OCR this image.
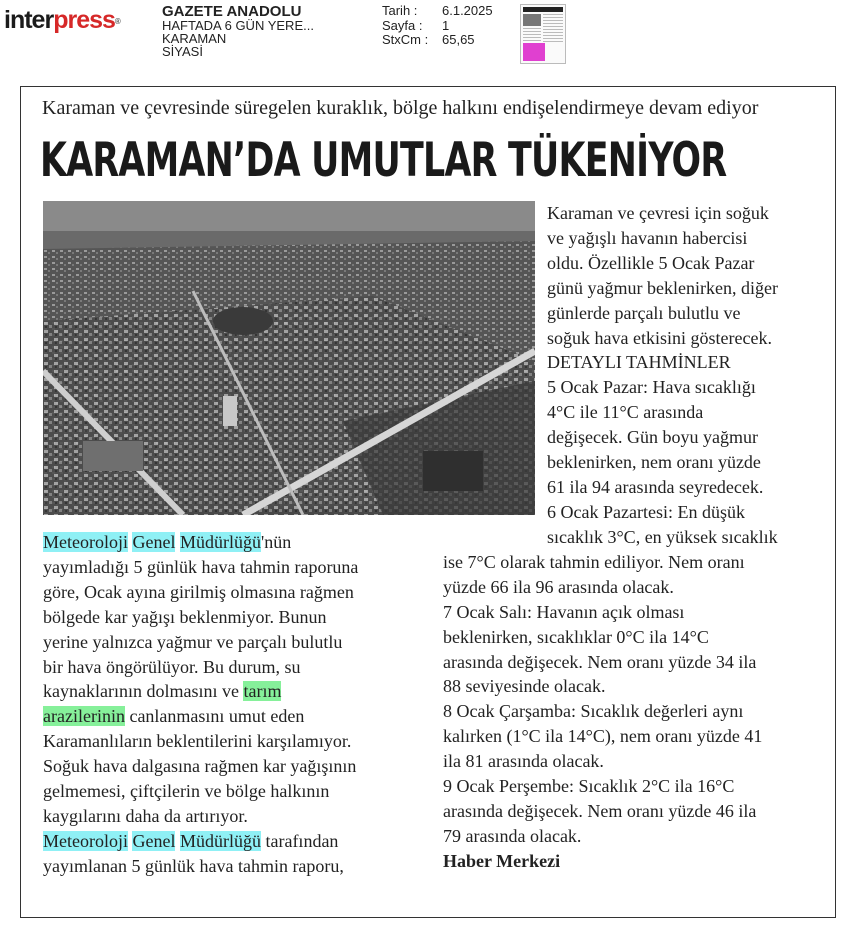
interpress®
GAZETE ANADOLU
HAFTADA 6 GÜN YERE...
KARAMAN
SİYASİ
Tarih :	6.1.2025
Sayfa :	1
StxCm :	65,65
Karaman ve çevresinde süregelen kuraklık, bölge halkını endişelendirmeye devam ediyor
KARAMAN’DA UMUTLAR TÜKENİYOR

Karaman ve çevresi için soğuk

ve yağışlı havanın habercisi

oldu. Özellikle 5 Ocak Pazar

günü yağmur beklenirken, diğer

günlerde parçalı bulutlu ve

soğuk hava etkisini gösterecek.

DETAYLI TAHMİNLER

5 Ocak Pazar: Hava sıcaklığı

4°C ile 11°C arasında

değişecek. Gün boyu yağmur

beklenirken, nem oranı yüzde

61 ila 94 arasında seyredecek.

6 Ocak Pazartesi: En düşük

sıcaklık 3°C, en yüksek sıcaklık

ise 7°C olarak tahmin ediliyor. Nem oranı

yüzde 66 ila 96 arasında olacak.

7 Ocak Salı: Havanın açık olması

beklenirken, sıcaklıklar 0°C ila 14°C

arasında değişecek. Nem oranı yüzde 34 ila

88 seviyesinde olacak.

8 Ocak Çarşamba: Sıcaklık değerleri aynı

kalırken (1°C ila 14°C), nem oranı yüzde 41

ila 81 arasında olacak.

9 Ocak Perşembe: Sıcaklık 2°C ila 16°C

arasında değişecek. Nem oranı yüzde 46 ila

79 arasında olacak.

Haber Merkezi

Meteoroloji Genel Müdürlüğü'nün

yayımladığı 5 günlük hava tahmin raporuna

göre, Ocak ayına girilmiş olmasına rağmen

bölgede kar yağışı beklenmiyor. Bunun

yerine yalnızca yağmur ve parçalı bulutlu

bir hava öngörülüyor. Bu durum, su

kaynaklarının dolmasını ve tarım

arazilerinin canlanmasını umut eden

Karamanlıların beklentilerini karşılamıyor.

Soğuk hava dalgasına rağmen kar yağışının

gelmemesi, çiftçilerin ve bölge halkının

kaygılarını daha da artırıyor.

Meteoroloji Genel Müdürlüğü tarafından

yayımlanan 5 günlük hava tahmin raporu,
